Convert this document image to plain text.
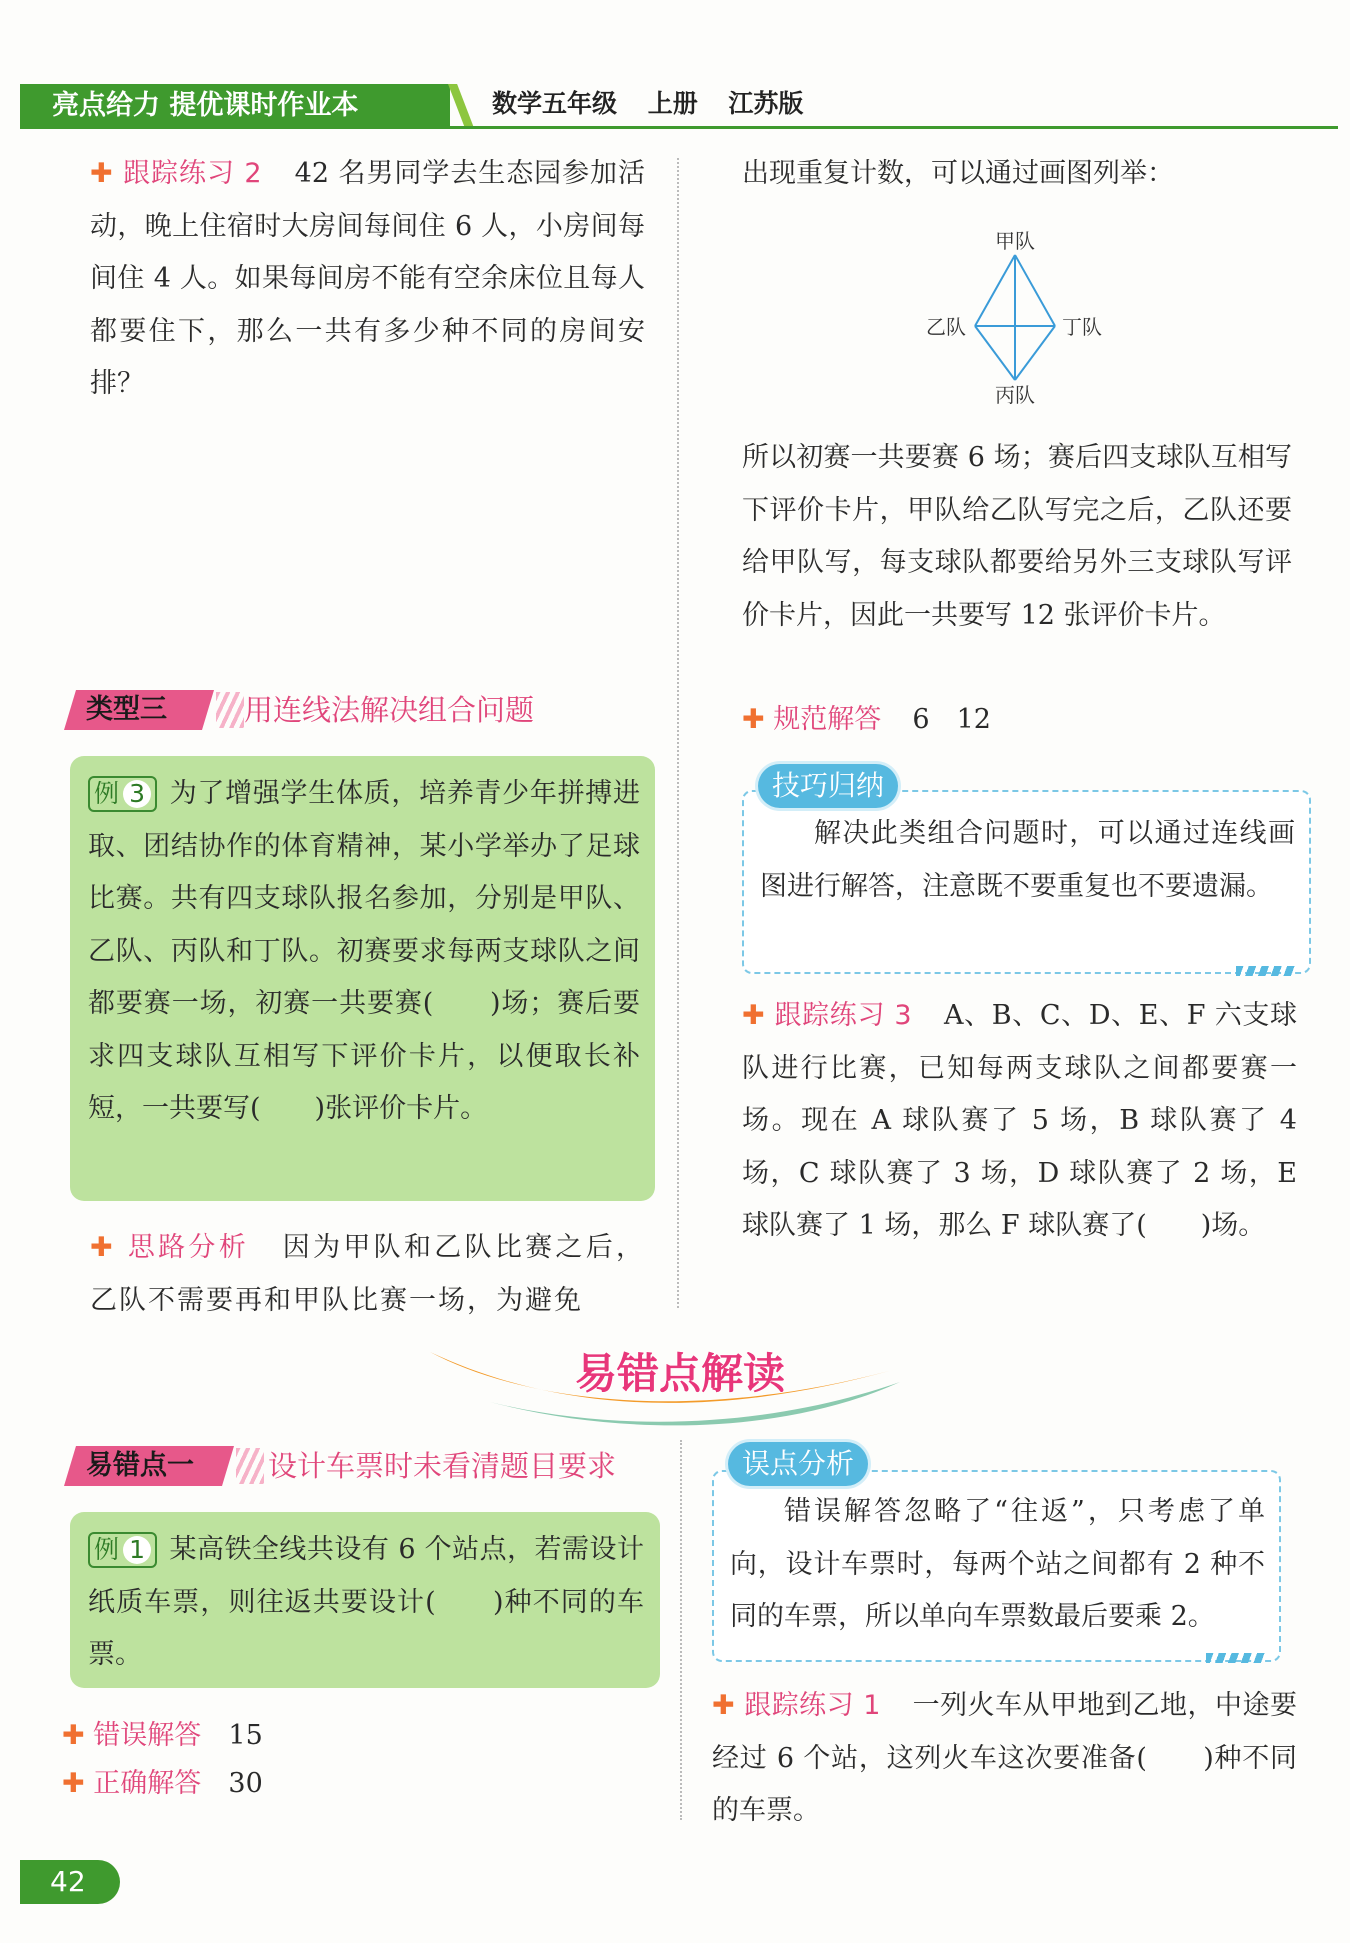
亮点给力 提优课时作业本	数学五年级 上册 江苏版

✚ 跟踪练习 2 42 名男同学去生态园参加活动，晚上住宿时大房间每间住 6 人，小房间每间住 4 人。如果每间房不能有空余床位且每人都要住下，那么一共有多少种不同的房间安排？

类型三	用连线法解决组合问题

例 3 为了增强学生体质，培养青少年拼搏进取、团结协作的体育精神，某小学举办了足球比赛。共有四支球队报名参加，分别是甲队、乙队、丙队和丁队。初赛要求每两支球队之间都要赛一场，初赛一共要赛(　　)场；赛后要求四支球队互相写下评价卡片，以便取长补短，一共要写(　　)张评价卡片。

✚ 思路分析 因为甲队和乙队比赛之后，乙队不需要再和甲队比赛一场，为避免

出现重复计数，可以通过画图列举：

甲队
乙队	丁队
丙队

所以初赛一共要赛 6 场；赛后四支球队互相写下评价卡片，甲队给乙队写完之后，乙队还要给甲队写，每支球队都要给另外三支球队写评价卡片，因此一共要写 12 张评价卡片。

✚ 规范解答 6　12

技巧归纳

解决此类组合问题时，可以通过连线画图进行解答，注意既不要重复也不要遗漏。

✚ 跟踪练习 3 A、B、C、D、E、F 六支球队进行比赛，已知每两支球队之间都要赛一场。现在 A 球队赛了 5 场，B 球队赛了 4 场，C 球队赛了 3 场，D 球队赛了 2 场，E 球队赛了 1 场，那么 F 球队赛了(　　)场。

易错点解读
易错点一	设计车票时未看清题目要求

例 1 某高铁全线共设有 6 个站点，若需设计纸质车票，则往返共要设计(　　)种不同的车票。

✚ 错误解答 15

✚ 正确解答 30

误点分析

错误解答忽略了“往返”，只考虑了单向，设计车票时，每两个站之间都有 2 种不同的车票，所以单向车票数最后要乘 2。

✚ 跟踪练习 1 一列火车从甲地到乙地，中途要经过 6 个站，这列火车这次要准备(　　)种不同的车票。

42
